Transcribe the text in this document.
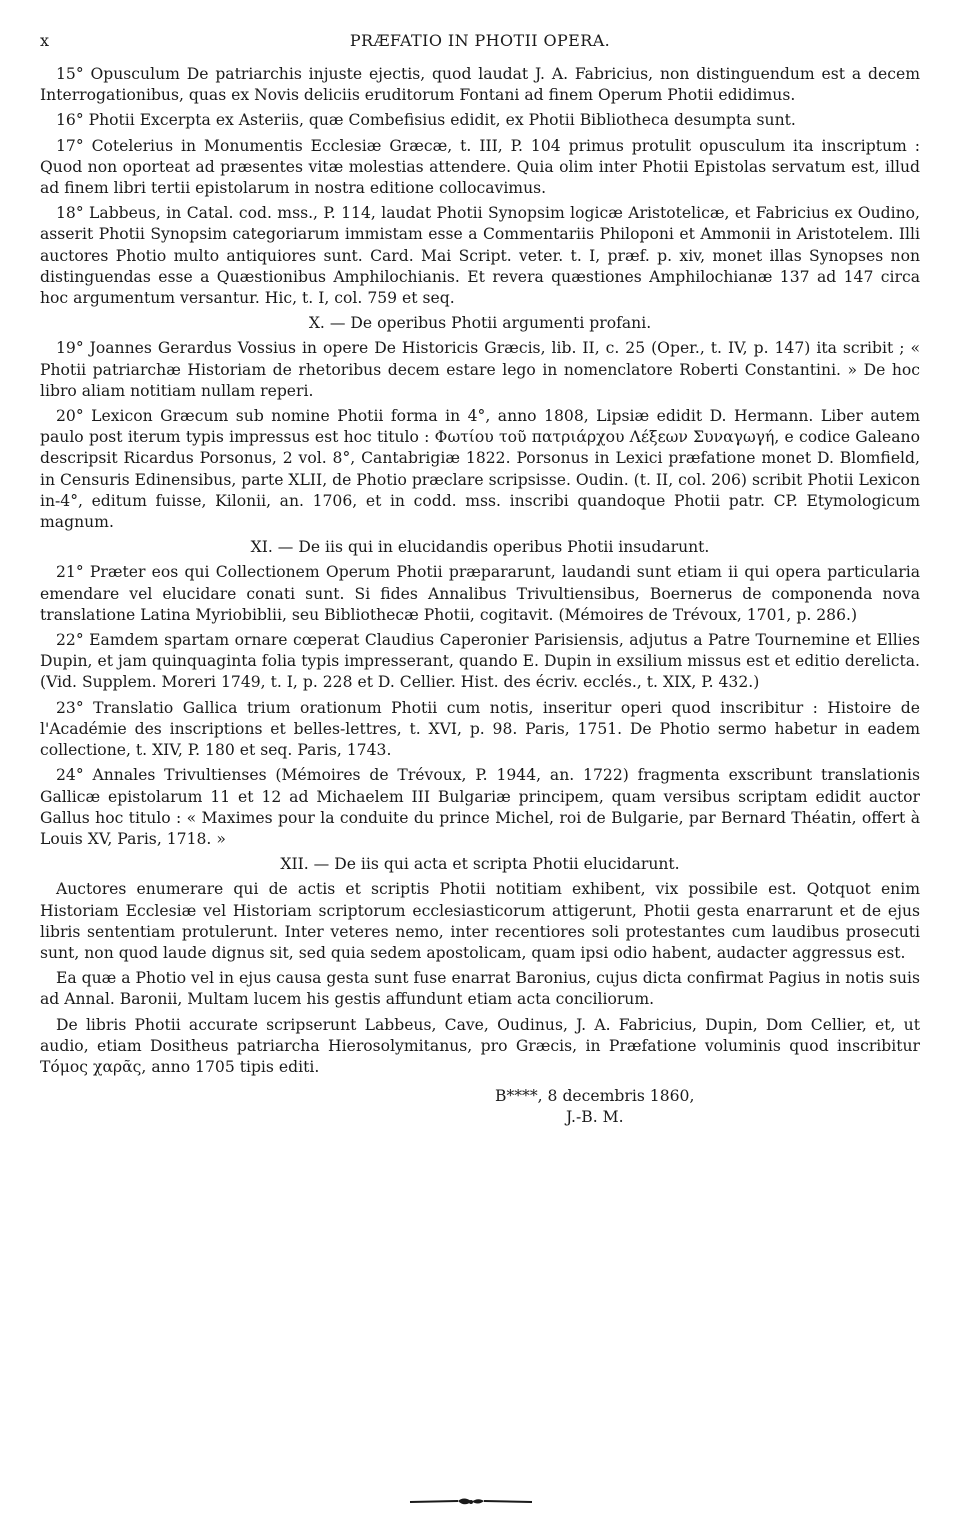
x	PRÆFATIO IN PHOTII OPERA.

15° Opusculum De patriarchis injuste ejectis, quod laudat J. A. Fabricius, non distinguendum est a decem Interrogationibus, quas ex Novis deliciis eruditorum Fontani ad finem Operum Photii edidimus.

16° Photii Excerpta ex Asteriis, quæ Combefisius edidit, ex Photii Bibliotheca desumpta sunt.

17° Cotelerius in Monumentis Ecclesiæ Græcæ, t. III, P. 104 primus protulit opusculum ita inscriptum : Quod non oporteat ad præsentes vitæ molestias attendere. Quia olim inter Photii Epistolas servatum est, illud ad finem libri tertii epistolarum in nostra editione collocavimus.

18° Labbeus, in Catal. cod. mss., P. 114, laudat Photii Synopsim logicæ Aristotelicæ, et Fabricius ex Oudino, asserit Photii Synopsim categoriarum immistam esse a Commentariis Philoponi et Ammonii in Aristotelem. Illi auctores Photio multo antiquiores sunt. Card. Mai Script. veter. t. I, præf. p. xiv, monet illas Synopses non distinguendas esse a Quæstionibus Amphilochianis. Et revera quæstiones Amphilochianæ 137 ad 147 circa hoc argumentum versantur. Hic, t. I, col. 759 et seq.

X. — De operibus Photii argumenti profani.

19° Joannes Gerardus Vossius in opere De Historicis Græcis, lib. II, c. 25 (Oper., t. IV, p. 147) ita scribit ; « Photii patriarchæ Historiam de rhetoribus decem estare lego in nomenclatore Roberti Constantini. » De hoc libro aliam notitiam nullam reperi.

20° Lexicon Græcum sub nomine Photii forma in 4°, anno 1808, Lipsiæ edidit D. Hermann. Liber autem paulo post iterum typis impressus est hoc titulo : Φωτίου τοῦ πατριάρχου Λέξεων Συναγωγή, e codice Galeano descripsit Ricardus Porsonus, 2 vol. 8°, Cantabrigiæ 1822. Porsonus in Lexici præfatione monet D. Blomfield, in Censuris Edinensibus, parte XLII, de Photio præclare scripsisse. Oudin. (t. II, col. 206) scribit Photii Lexicon in-4°, editum fuisse, Kilonii, an. 1706, et in codd. mss. inscribi quandoque Photii patr. CP. Etymologicum magnum.

XI. — De iis qui in elucidandis operibus Photii insudarunt.

21° Præter eos qui Collectionem Operum Photii præpararunt, laudandi sunt etiam ii qui opera particularia emendare vel elucidare conati sunt. Si fides Annalibus Trivultiensibus, Boernerus de componenda nova translatione Latina Myriobiblii, seu Bibliothecæ Photii, cogitavit. (Mémoires de Trévoux, 1701, p. 286.)

22° Eamdem spartam ornare cœperat Claudius Caperonier Parisiensis, adjutus a Patre Tournemine et Ellies Dupin, et jam quinquaginta folia typis impresserant, quando E. Dupin in exsilium missus est et editio derelicta. (Vid. Supplem. Moreri 1749, t. I, p. 228 et D. Cellier. Hist. des écriv. ecclés., t. XIX, P. 432.)

23° Translatio Gallica trium orationum Photii cum notis, inseritur operi quod inscribitur : Histoire de l'Académie des inscriptions et belles-lettres, t. XVI, p. 98. Paris, 1751. De Photio sermo habetur in eadem collectione, t. XIV, P. 180 et seq. Paris, 1743.

24° Annales Trivultienses (Mémoires de Trévoux, P. 1944, an. 1722) fragmenta exscribunt translationis Gallicæ epistolarum 11 et 12 ad Michaelem III Bulgariæ principem, quam versibus scriptam edidit auctor Gallus hoc titulo : « Maximes pour la conduite du prince Michel, roi de Bulgarie, par Bernard Théatin, offert à Louis XV, Paris, 1718. »

XII. — De iis qui acta et scripta Photii elucidarunt.

Auctores enumerare qui de actis et scriptis Photii notitiam exhibent, vix possibile est. Qotquot enim Historiam Ecclesiæ vel Historiam scriptorum ecclesiasticorum attigerunt, Photii gesta enarrarunt et de ejus libris sententiam protulerunt. Inter veteres nemo, inter recentiores soli protestantes cum laudibus prosecuti sunt, non quod laude dignus sit, sed quia sedem apostolicam, quam ipsi odio habent, audacter aggressus est.

Ea quæ a Photio vel in ejus causa gesta sunt fuse enarrat Baronius, cujus dicta confirmat Pagius in notis suis ad Annal. Baronii, Multam lucem his gestis affundunt etiam acta conciliorum.

De libris Photii accurate scripserunt Labbeus, Cave, Oudinus, J. A. Fabricius, Dupin, Dom Cellier, et, ut audio, etiam Dositheus patriarcha Hierosolymitanus, pro Græcis, in Præfatione voluminis quod inscribitur Τόμος χαρᾶς, anno 1705 tipis editi.

B****, 8 decembris 1860,
J.-B. M.
